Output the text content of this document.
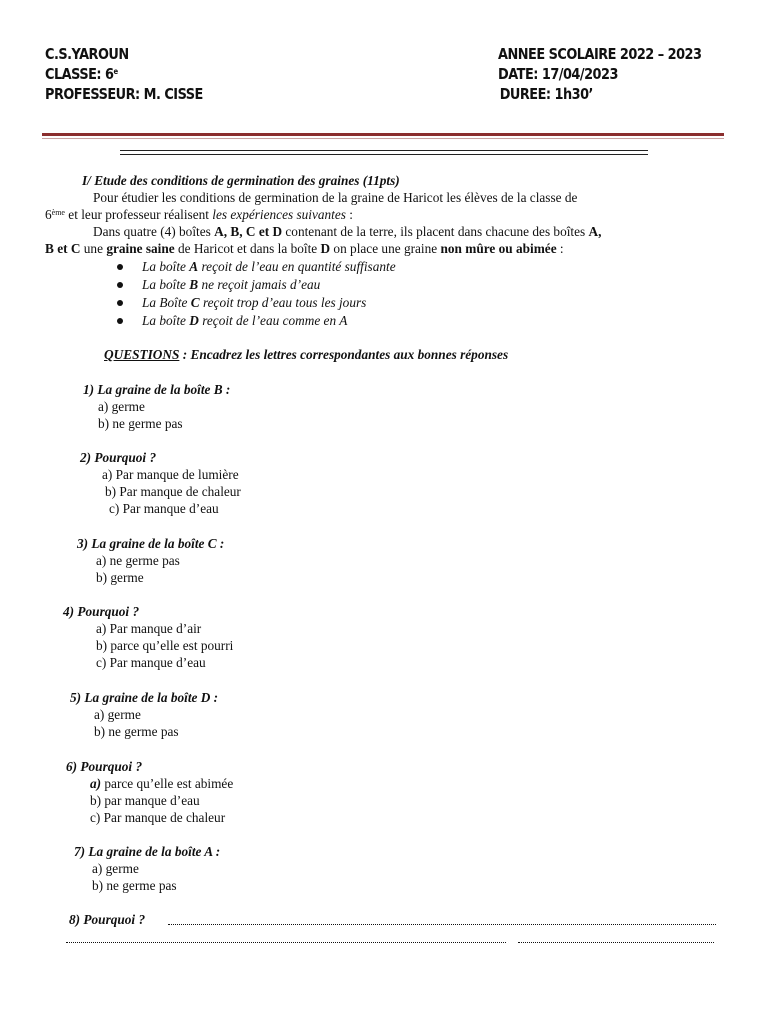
C.S.YAROUN
CLASSE: 6e
PROFESSEUR: M. CISSE
ANNEE SCOLAIRE 2022 – 2023
DATE: 17/04/2023
DUREE: 1h30’
I/ Etude des conditions de germination des graines (11pts)
Pour étudier les conditions de germination de la graine de Haricot les élèves de la classe de
6ème et leur professeur réalisent les expériences suivantes :
Dans quatre (4) boîtes A, B, C et D contenant de la terre, ils placent dans chacune des boîtes A,
B et C une graine saine de Haricot et dans la boîte D on place une graine non mûre ou abimée :
La boîte A reçoit de l’eau en quantité suffisante
La boîte B ne reçoit jamais d’eau
La Boîte C reçoit trop d’eau tous les jours
La boîte D reçoit de l’eau comme en A
QUESTIONS : Encadrez les lettres correspondantes aux bonnes réponses
1) La graine de la boîte B :
a) germe
b) ne germe pas
2) Pourquoi ?
a) Par manque de lumière
b) Par manque de chaleur
c) Par manque d’eau
3) La graine de la boîte C :
a) ne germe pas
b) germe
4) Pourquoi ?
a) Par manque d’air
b) parce qu’elle est pourri
c) Par manque d’eau
5) La graine de la boîte D :
a) germe
b) ne germe pas
6) Pourquoi ?
a) parce qu’elle est abimée
b) par manque d’eau
c) Par manque de chaleur
7) La graine de la boîte A :
a) germe
b) ne germe pas
8) Pourquoi ?
